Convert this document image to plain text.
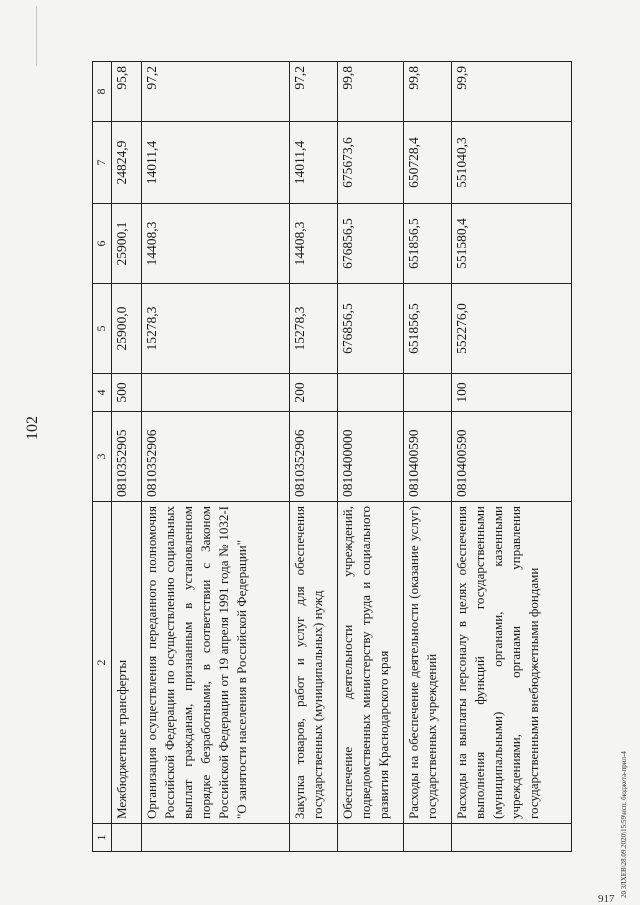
102
1	2	3	4	5	6	7	8
	Межбюджетные трансферты	0810352905	500	25900,0	25900,1	24824,9	95,8
	Организация осуществления переданного полномочия Российской Федерации по осуществлению социальных выплат гражданам, признанным в установленном порядке безработными, в соответствии с Законом Российской Федерации от 19 апреля 1991 года № 1032-I "О занятости населения в Российской Федерации"	0810352906		15278,3	14408,3	14011,4	97,2
	Закупка товаров, работ и услуг для обеспечения государственных (муниципальных) нужд	0810352906	200	15278,3	14408,3	14011,4	97,2
	Обеспечение деятельности учреждений, подведомственных министерству труда и социального развития Краснодарского края	0810400000		676856,5	676856,5	675673,6	99,8
	Расходы на обеспечение деятельности (оказание услуг) государственных учреждений	0810400590		651856,5	651856,5	650728,4	99,8
	Расходы на выплаты персоналу в целях обеспечения выполнения функций государственными (муниципальными) органами, казенными учреждениями, органами управления государственными внебюджетными фондами	0810400590	100	552276,0	551580,4	551040,3	99,9
20 ЗЛХЕВ\28.09.2020\15:59\исп. бюджета-прил-4
917
